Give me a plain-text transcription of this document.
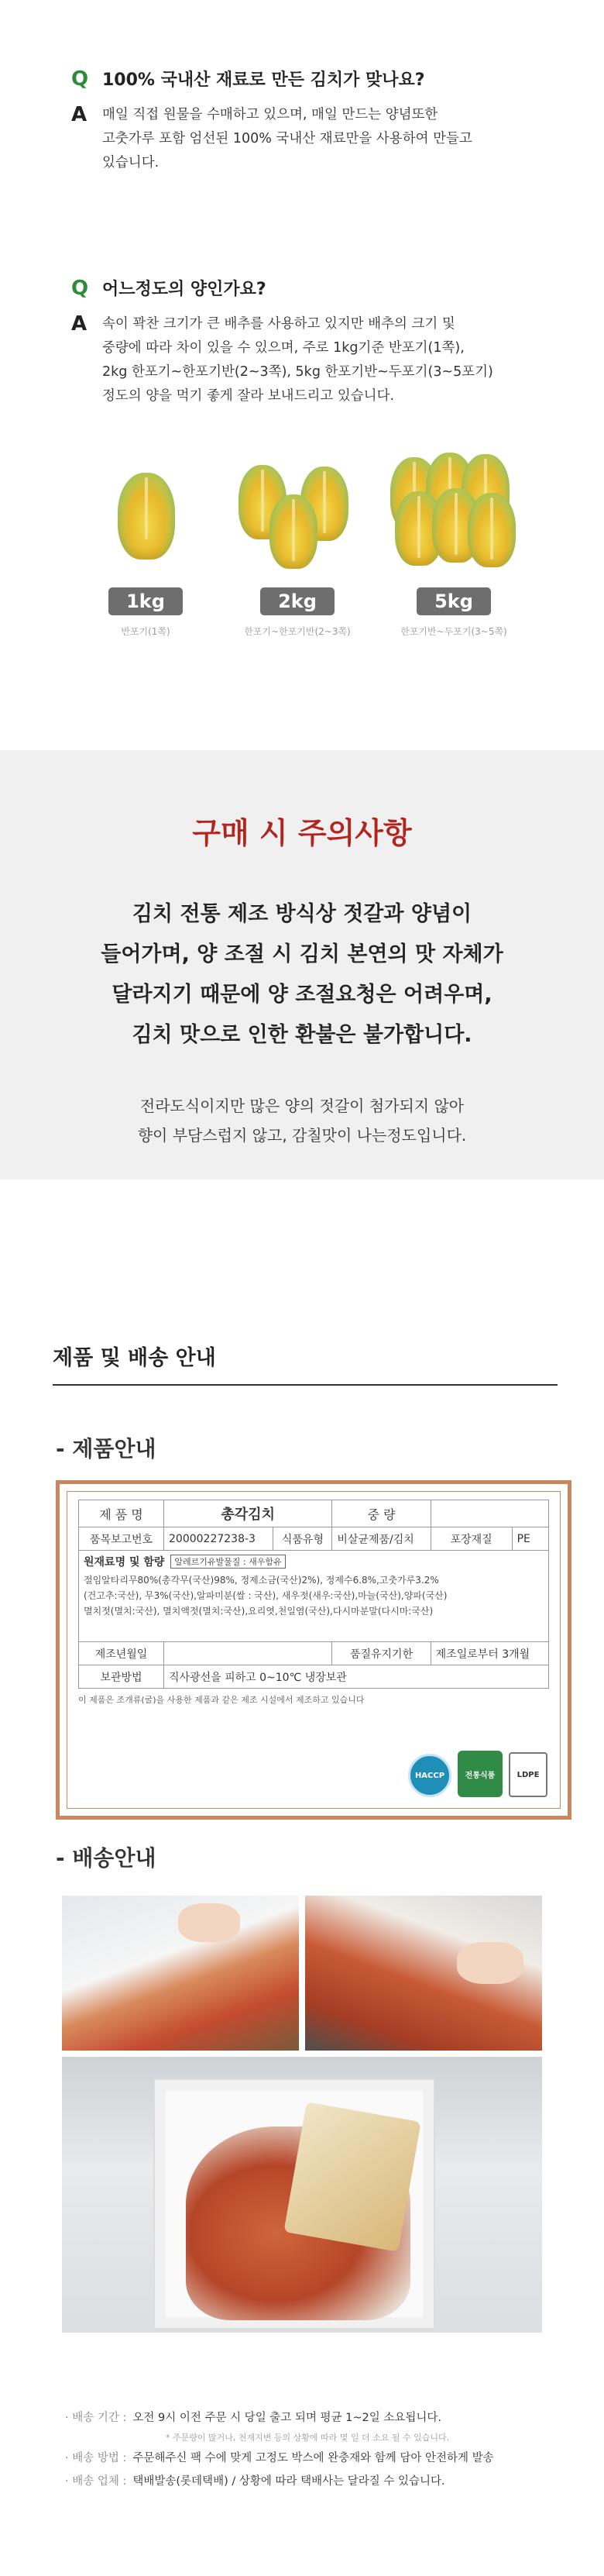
Q 100% 국내산 재료로 만든 김치가 맞나요?
A	매일 직접 원물을 수매하고 있으며, 매일 만드는 양념또한
고춧가루 포함 엄선된 100% 국내산 재료만을 사용하여 만들고
있습니다.
Q 어느정도의 양인가요?
A	속이 꽉찬 크기가 큰 배추를 사용하고 있지만 배추의 크기 및
중량에 따라 차이 있을 수 있으며, 주로 1kg기준 반포기(1쪽),
2kg 한포기~한포기반(2~3쪽), 5kg 한포기반~두포기(3~5포기)
정도의 양을 먹기 좋게 잘라 보내드리고 있습니다.
1kg
반포기(1쪽)
2kg
한포기~한포기반(2~3쪽)
5kg
한포기반~두포기(3~5쪽)
구매 시 주의사항
김치 전통 제조 방식상 젓갈과 양념이
들어가며, 양 조절 시 김치 본연의 맛 자체가
달라지기 때문에 양 조절요청은 어려우며,
김치 맛으로 인한 환불은 불가합니다.
전라도식이지만 많은 양의 젓갈이 첨가되지 않아
향이 부담스럽지 않고, 감칠맛이 나는정도입니다.
제품 및 배송 안내
- 제품안내
제 품 명	총각김치		중 량		
품목보고번호	20000227238-3	식품유형	비살균제품/김치	포장재질	PE

원재료명 및 함량 알레르기유발물질 : 새우함유
절임알타리무80%(총각무(국산)98%, 정제소금(국산)2%), 정제수6.8%,고춧가루3.2%
(건고추:국산), 무3%(국산),알파미분(쌀 : 국산), 새우젓(새우:국산),마늘(국산),양파(국산)
멸치젓(멸치:국산), 멸치액젓(멸치:국산),요리엿,천일염(국산),다시마분말(다시마:국산)					

제조년월일			품질유지기한	제조일로부터 3개월	
보관방법	직사광선을 피하고 0~10℃ 냉장보관				
이 제품은 조개류(굴)을 사용한 제품과 같은 제조 시설에서 제조하고 있습니다
HACCP	전통식품	LDPE
- 배송안내
· 배송 기간 : 오전 9시 이전 주문 시 당일 출고 되며 평균 1~2일 소요됩니다.
* 주문량이 많거나, 천재지변 등의 상황에 따라 몇 일 더 소요 될 수 있습니다.
· 배송 방법 : 주문해주신 팩 수에 맞게 고정도 박스에 완충재와 함께 담아 안전하게 발송
· 배송 업체 : 택배발송(롯데택배) / 상황에 따라 택배사는 달라질 수 있습니다.
